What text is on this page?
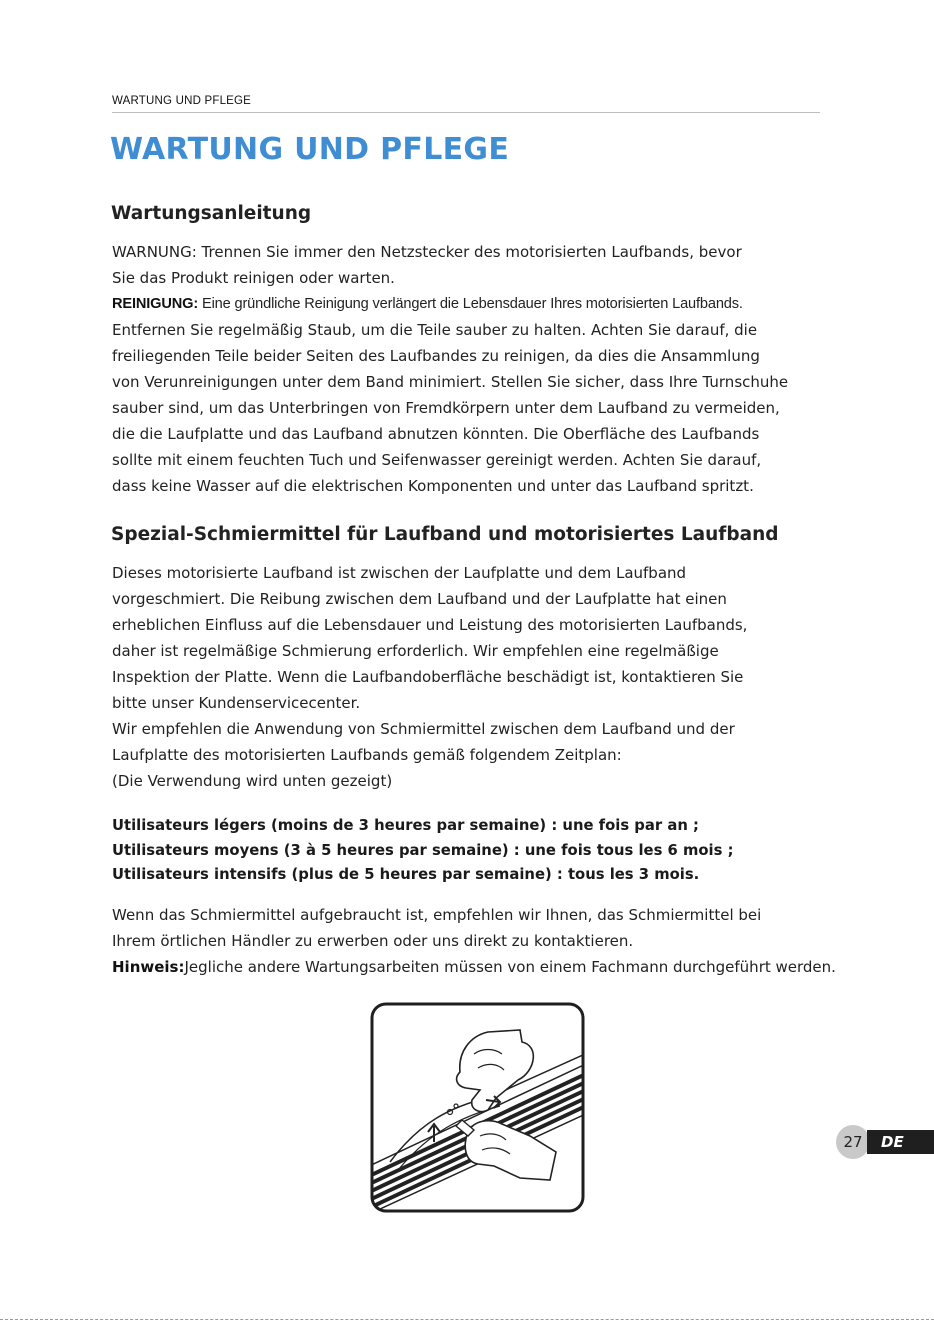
WARTUNG UND PFLEGE
WARTUNG UND PFLEGE
Wartungsanleitung

WARNUNG: Trennen Sie immer den Netzstecker des motorisierten Laufbands, bevor

Sie das Produkt reinigen oder warten.

REINIGUNG: Eine gründliche Reinigung verlängert die Lebensdauer Ihres motorisierten Laufbands.

Entfernen Sie regelmäßig Staub, um die Teile sauber zu halten. Achten Sie darauf, die

freiliegenden Teile beider Seiten des Laufbandes zu reinigen, da dies die Ansammlung

von Verunreinigungen unter dem Band minimiert. Stellen Sie sicher, dass Ihre Turnschuhe

sauber sind, um das Unterbringen von Fremdkörpern unter dem Laufband zu vermeiden,

die die Laufplatte und das Laufband abnutzen könnten. Die Oberfläche des Laufbands

sollte mit einem feuchten Tuch und Seifenwasser gereinigt werden. Achten Sie darauf,

dass keine Wasser auf die elektrischen Komponenten und unter das Laufband spritzt.

Spezial-Schmiermittel für Laufband und motorisiertes Laufband

Dieses motorisierte Laufband ist zwischen der Laufplatte und dem Laufband

vorgeschmiert. Die Reibung zwischen dem Laufband und der Laufplatte hat einen

erheblichen Einfluss auf die Lebensdauer und Leistung des motorisierten Laufbands,

daher ist regelmäßige Schmierung erforderlich. Wir empfehlen eine regelmäßige

Inspektion der Platte. Wenn die Laufbandoberfläche beschädigt ist, kontaktieren Sie

bitte unser Kundenservicecenter.

Wir empfehlen die Anwendung von Schmiermittel zwischen dem Laufband und der

Laufplatte des motorisierten Laufbands gemäß folgendem Zeitplan:

(Die Verwendung wird unten gezeigt)

Utilisateurs légers (moins de 3 heures par semaine) : une fois par an ;

Utilisateurs moyens (3 à 5 heures par semaine) : une fois tous les 6 mois ;

Utilisateurs intensifs (plus de 5 heures par semaine) : tous les 3 mois.

Wenn das Schmiermittel aufgebraucht ist, empfehlen wir Ihnen, das Schmiermittel bei

Ihrem örtlichen Händler zu erwerben oder uns direkt zu kontaktieren.

Hinweis:Jegliche andere Wartungsarbeiten müssen von einem Fachmann durchgeführt werden.

27 DE
